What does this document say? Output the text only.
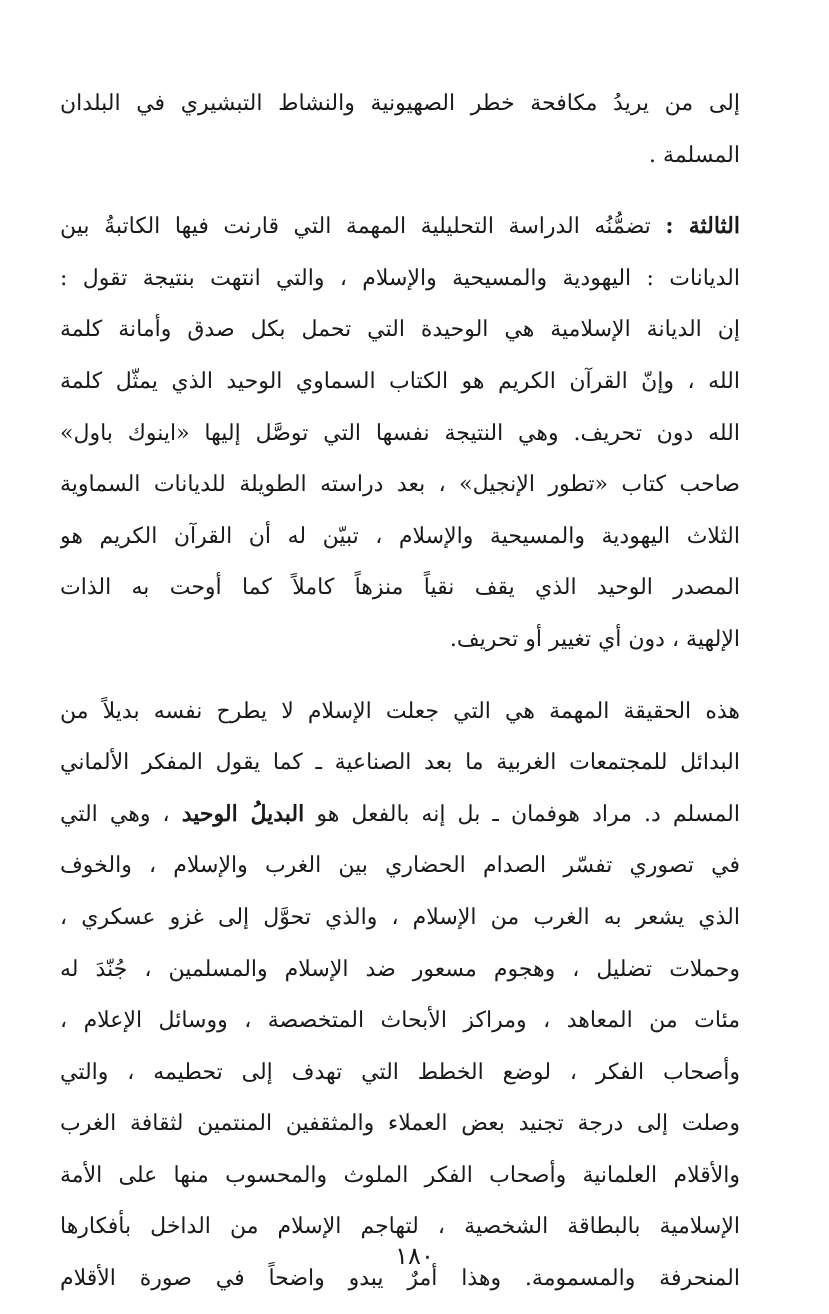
إلى من يريدُ مكافحة خطر الصهيونية والنشاط التبشيري في البلدان
المسلمة .

الثالثة : تضمُّنُه الدراسة التحليلية المهمة التي قارنت فيها الكاتبةُ بين
الديانات : اليهودية والمسيحية والإسلام ، والتي انتهت بنتيجة تقول :
إن الديانة الإسلامية هي الوحيدة التي تحمل بكل صدق وأمانة كلمة
الله ، وإنّ القرآن الكريم هو الكتاب السماوي الوحيد الذي يمثّل كلمة
الله دون تحريف. وهي النتيجة نفسها التي توصَّل إليها «اينوك باول»
صاحب كتاب «تطور الإنجيل» ، بعد دراسته الطويلة للديانات السماوية
الثلاث اليهودية والمسيحية والإسلام ، تبيّن له أن القرآن الكريم هو
المصدر الوحيد الذي يقف نقياً منزهاً كاملاً كما أوحت به الذات
الإلهية ، دون أي تغيير أو تحريف.

هذه الحقيقة المهمة هي التي جعلت الإسلام لا يطرح نفسه بديلاً من
البدائل للمجتمعات الغربية ما بعد الصناعية ـ كما يقول المفكر الألماني
المسلم د. مراد هوفمان ـ بل إنه بالفعل هو البديلُ الوحيد ، وهي التي
في تصوري تفسّر الصدام الحضاري بين الغرب والإسلام ، والخوف
الذي يشعر به الغرب من الإسلام ، والذي تحوَّل إلى غزو عسكري ،
وحملات تضليل ، وهجوم مسعور ضد الإسلام والمسلمين ، جُنّدَ له
مئات من المعاهد ، ومراكز الأبحاث المتخصصة ، ووسائل الإعلام ،
وأصحاب الفكر ، لوضع الخطط التي تهدف إلى تحطيمه ، والتي
وصلت إلى درجة تجنيد بعض العملاء والمثقفين المنتمين لثقافة الغرب
والأقلام العلمانية وأصحاب الفكر الملوث والمحسوب منها على الأمة
الإسلامية بالبطاقة الشخصية ، لتهاجم الإسلام من الداخل بأفكارها
المنحرفة والمسمومة. وهذا أمرٌ يبدو واضحاً في صورة الأقلام

١٨٠
